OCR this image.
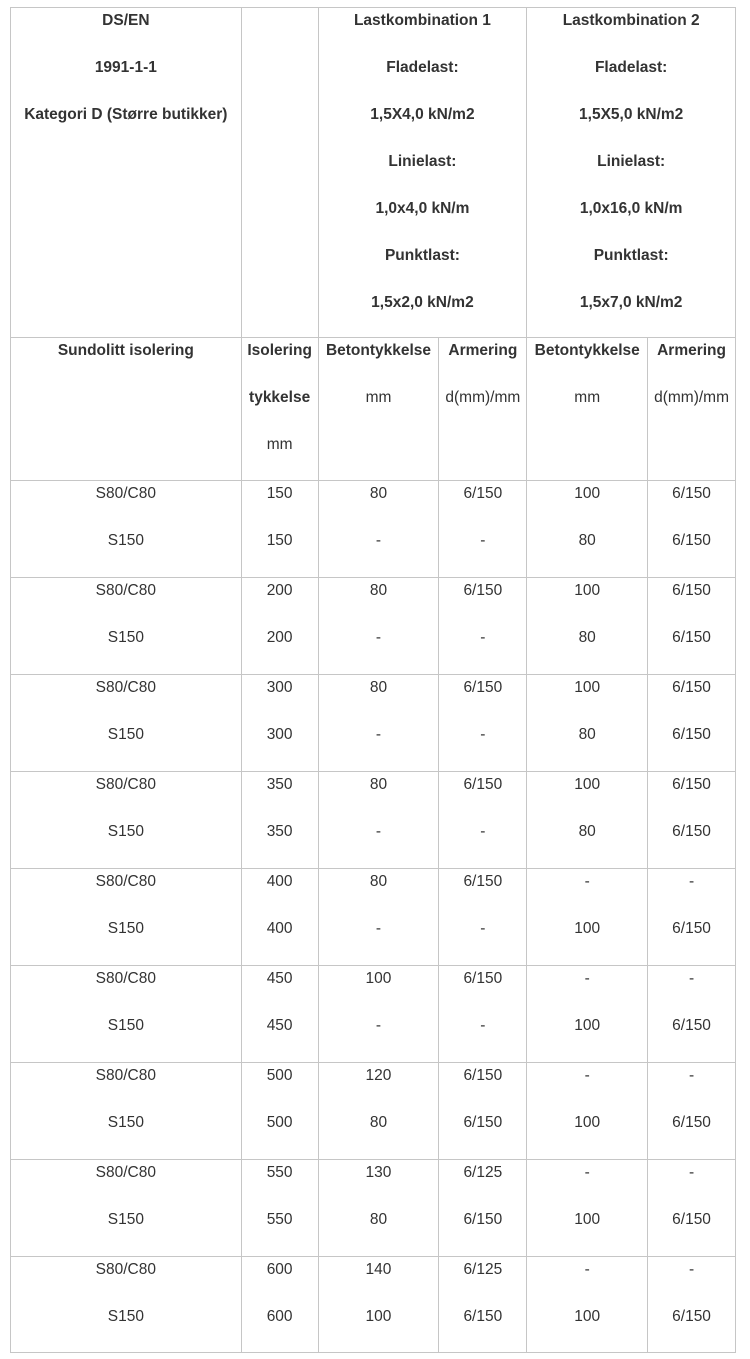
DS/EN
1991-1-1
Kategori D (Større butikker)
Lastkombination 1
Fladelast:
1,5X4,0 kN/m2
Linielast:
1,0x4,0 kN/m
Punktlast:
1,5x2,0 kN/m2
Lastkombination 2
Fladelast:
1,5X5,0 kN/m2
Linielast:
1,0x16,0 kN/m
Punktlast:
1,5x7,0 kN/m2
Sundolitt isolering	Isolering
tykkelse
mm
Betontykkelse
mm
Armering
d(mm)/mm
Betontykkelse
mm
Armering
d(mm)/mm
S80/C80
S150
150
150
80
-
6/150
-
100
80
6/150
6/150
S80/C80
S150
200
200
80
-
6/150
-
100
80
6/150
6/150
S80/C80
S150
300
300
80
-
6/150
-
100
80
6/150
6/150
S80/C80
S150
350
350
80
-
6/150
-
100
80
6/150
6/150
S80/C80
S150
400
400
80
-
6/150
-
-
100
-
6/150
S80/C80
S150
450
450
100
-
6/150
-
-
100
-
6/150
S80/C80
S150
500
500
120
80
6/150
6/150
-
100
-
6/150
S80/C80
S150
550
550
130
80
6/125
6/150
-
100
-
6/150
S80/C80
S150
600
600
140
100
6/125
6/150
-
100
-
6/150
